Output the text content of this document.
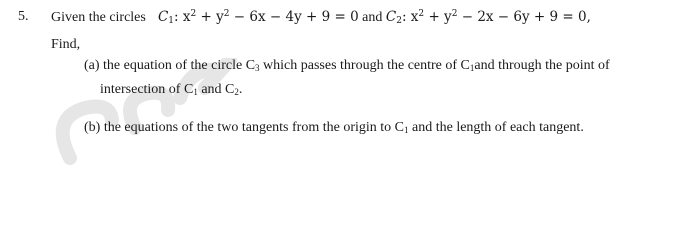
5. Given the circles $C_1$: $x^2 + y^2 - 6x - 4y + 9 = 0$ and $C_2$: $x^2 + y^2 - 2x - 6y + 9 = 0$,
Find,
(a) the equation of the circle $C_3$ which passes through the centre of $C_1and$ through the point of
intersection of $C_1$ and $C_2$.
(b) the equations of the two tangents from the origin to $C_1$ and the length of each tangent.
